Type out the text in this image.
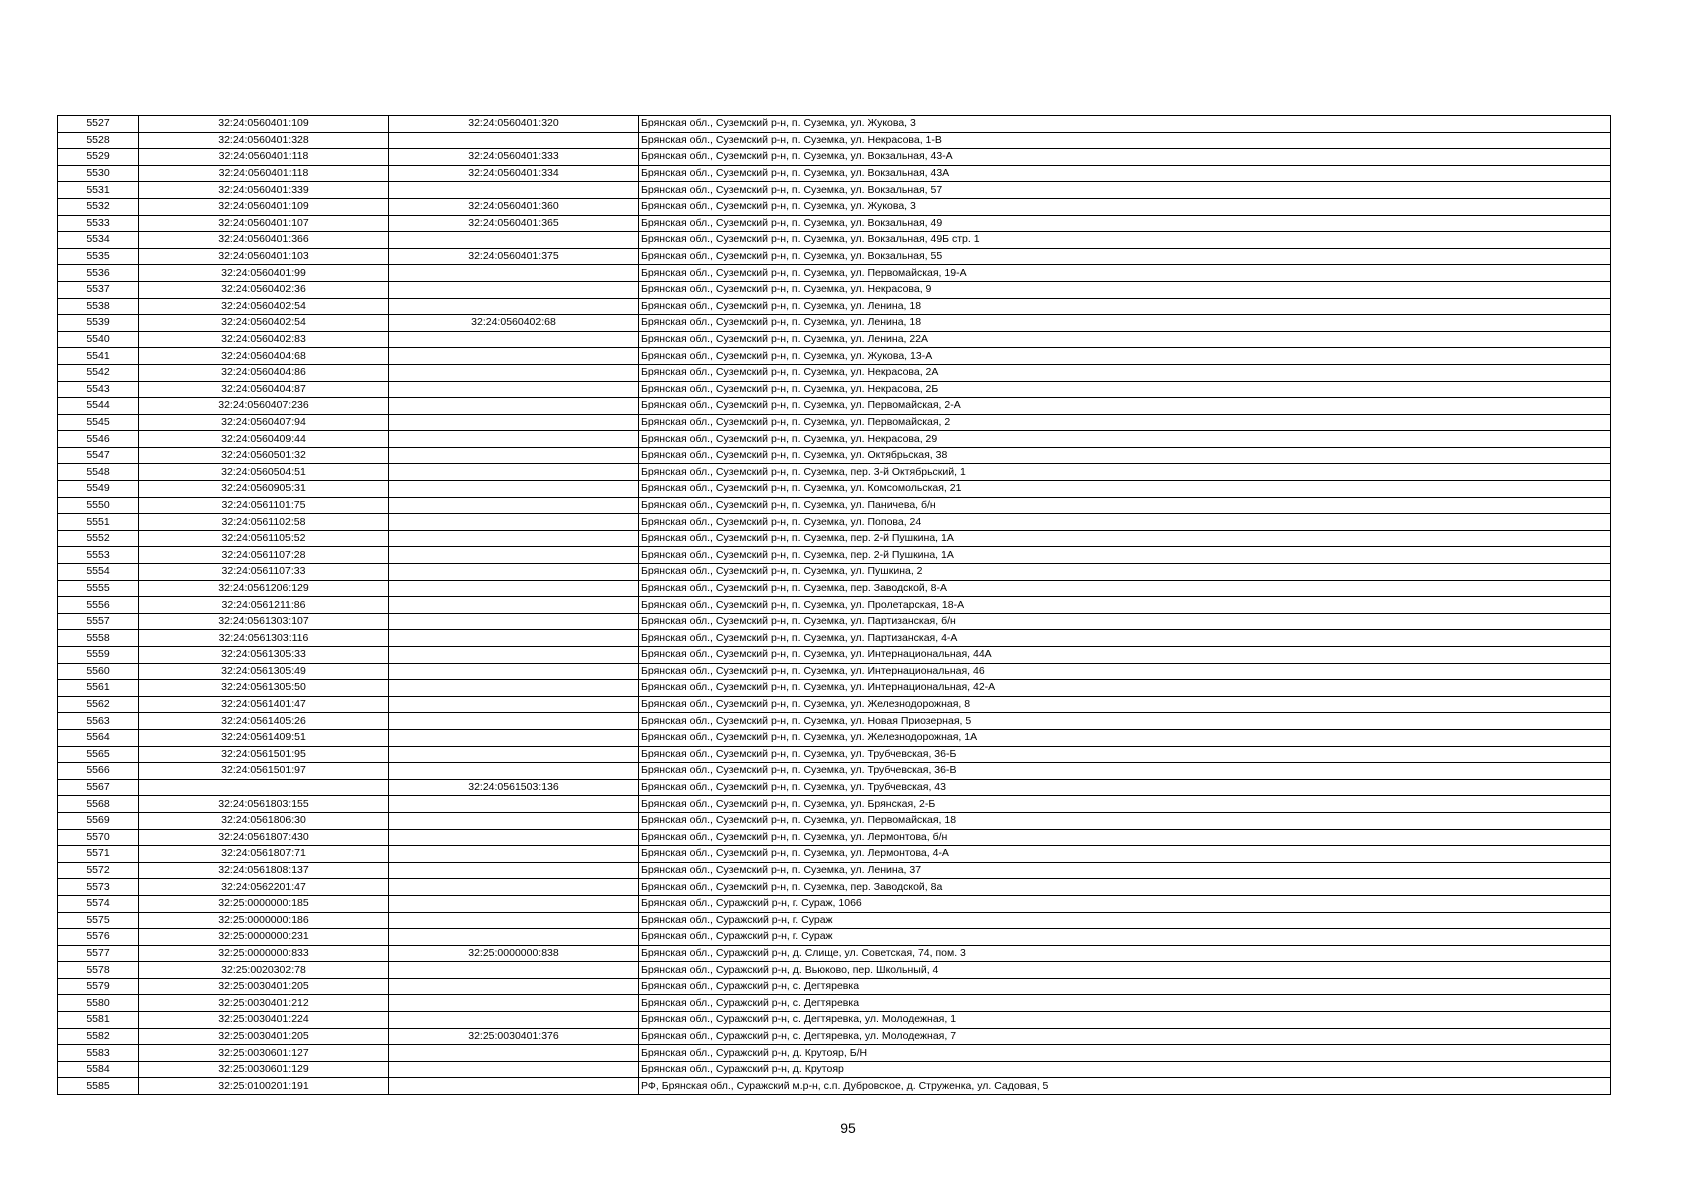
5527	32:24:0560401:109	32:24:0560401:320	Брянская обл., Суземский р-н, п. Суземка, ул. Жукова, 3
5528	32:24:0560401:328		Брянская обл., Суземский р-н, п. Суземка, ул. Некрасова, 1-В
5529	32:24:0560401:118	32:24:0560401:333	Брянская обл., Суземский р-н, п. Суземка, ул. Вокзальная, 43-А
5530	32:24:0560401:118	32:24:0560401:334	Брянская обл., Суземский р-н, п. Суземка, ул. Вокзальная, 43А
5531	32:24:0560401:339		Брянская обл., Суземский р-н, п. Суземка, ул. Вокзальная, 57
5532	32:24:0560401:109	32:24:0560401:360	Брянская обл., Суземский р-н, п. Суземка, ул. Жукова, 3
5533	32:24:0560401:107	32:24:0560401:365	Брянская обл., Суземский р-н, п. Суземка, ул. Вокзальная, 49
5534	32:24:0560401:366		Брянская обл., Суземский р-н, п. Суземка, ул. Вокзальная, 49Б стр. 1
5535	32:24:0560401:103	32:24:0560401:375	Брянская обл., Суземский р-н, п. Суземка, ул. Вокзальная, 55
5536	32:24:0560401:99		Брянская обл., Суземский р-н, п. Суземка, ул. Первомайская, 19-А
5537	32:24:0560402:36		Брянская обл., Суземский р-н, п. Суземка, ул. Некрасова, 9
5538	32:24:0560402:54		Брянская обл., Суземский р-н, п. Суземка, ул. Ленина, 18
5539	32:24:0560402:54	32:24:0560402:68	Брянская обл., Суземский р-н, п. Суземка, ул. Ленина, 18
5540	32:24:0560402:83		Брянская обл., Суземский р-н, п. Суземка, ул. Ленина, 22А
5541	32:24:0560404:68		Брянская обл., Суземский р-н, п. Суземка, ул. Жукова, 13-А
5542	32:24:0560404:86		Брянская обл., Суземский р-н, п. Суземка, ул. Некрасова, 2А
5543	32:24:0560404:87		Брянская обл., Суземский р-н, п. Суземка, ул. Некрасова, 2Б
5544	32:24:0560407:236		Брянская обл., Суземский р-н, п. Суземка, ул. Первомайская, 2-А
5545	32:24:0560407:94		Брянская обл., Суземский р-н, п. Суземка, ул. Первомайская, 2
5546	32:24:0560409:44		Брянская обл., Суземский р-н, п. Суземка, ул. Некрасова, 29
5547	32:24:0560501:32		Брянская обл., Суземский р-н, п. Суземка, ул. Октябрьская, 38
5548	32:24:0560504:51		Брянская обл., Суземский р-н, п. Суземка, пер. 3-й Октябрьский, 1
5549	32:24:0560905:31		Брянская обл., Суземский р-н, п. Суземка, ул. Комсомольская, 21
5550	32:24:0561101:75		Брянская обл., Суземский р-н, п. Суземка, ул. Паничева, б/н
5551	32:24:0561102:58		Брянская обл., Суземский р-н, п. Суземка, ул. Попова, 24
5552	32:24:0561105:52		Брянская обл., Суземский р-н, п. Суземка, пер. 2-й Пушкина, 1А
5553	32:24:0561107:28		Брянская обл., Суземский р-н, п. Суземка, пер. 2-й Пушкина, 1А
5554	32:24:0561107:33		Брянская обл., Суземский р-н, п. Суземка, ул. Пушкина, 2
5555	32:24:0561206:129		Брянская обл., Суземский р-н, п. Суземка, пер. Заводской, 8-А
5556	32:24:0561211:86		Брянская обл., Суземский р-н, п. Суземка, ул. Пролетарская, 18-А
5557	32:24:0561303:107		Брянская обл., Суземский р-н, п. Суземка, ул. Партизанская, б/н
5558	32:24:0561303:116		Брянская обл., Суземский р-н, п. Суземка, ул. Партизанская, 4-А
5559	32:24:0561305:33		Брянская обл., Суземский р-н, п. Суземка, ул. Интернациональная, 44А
5560	32:24:0561305:49		Брянская обл., Суземский р-н, п. Суземка, ул. Интернациональная, 46
5561	32:24:0561305:50		Брянская обл., Суземский р-н, п. Суземка, ул. Интернациональная, 42-А
5562	32:24:0561401:47		Брянская обл., Суземский р-н, п. Суземка, ул. Железнодорожная, 8
5563	32:24:0561405:26		Брянская обл., Суземский р-н, п. Суземка, ул. Новая Приозерная, 5
5564	32:24:0561409:51		Брянская обл., Суземский р-н, п. Суземка, ул. Железнодорожная, 1А
5565	32:24:0561501:95		Брянская обл., Суземский р-н, п. Суземка, ул. Трубчевская, 36-Б
5566	32:24:0561501:97		Брянская обл., Суземский р-н, п. Суземка, ул. Трубчевская, 36-В
5567		32:24:0561503:136	Брянская обл., Суземский р-н, п. Суземка, ул. Трубчевская, 43
5568	32:24:0561803:155		Брянская обл., Суземский р-н, п. Суземка, ул. Брянская, 2-Б
5569	32:24:0561806:30		Брянская обл., Суземский р-н, п. Суземка, ул. Первомайская, 18
5570	32:24:0561807:430		Брянская обл., Суземский р-н, п. Суземка, ул. Лермонтова, б/н
5571	32:24:0561807:71		Брянская обл., Суземский р-н, п. Суземка, ул. Лермонтова, 4-А
5572	32:24:0561808:137		Брянская обл., Суземский р-н, п. Суземка, ул. Ленина, 37
5573	32:24:0562201:47		Брянская обл., Суземский р-н, п. Суземка, пер. Заводской, 8а
5574	32:25:0000000:185		Брянская обл., Суражский р-н, г. Сураж, 1066
5575	32:25:0000000:186		Брянская обл., Суражский р-н, г. Сураж
5576	32:25:0000000:231		Брянская обл., Суражский р-н, г. Сураж
5577	32:25:0000000:833	32:25:0000000:838	Брянская обл., Суражский р-н, д. Слище, ул. Советская, 74, пом. 3
5578	32:25:0020302:78		Брянская обл., Суражский р-н, д. Вьюково, пер. Школьный, 4
5579	32:25:0030401:205		Брянская обл., Суражский р-н, с. Дегтяревка
5580	32:25:0030401:212		Брянская обл., Суражский р-н, с. Дегтяревка
5581	32:25:0030401:224		Брянская обл., Суражский р-н, с. Дегтяревка, ул. Молодежная, 1
5582	32:25:0030401:205	32:25:0030401:376	Брянская обл., Суражский р-н, с. Дегтяревка, ул. Молодежная, 7
5583	32:25:0030601:127		Брянская обл., Суражский р-н, д. Крутояр, Б/Н
5584	32:25:0030601:129		Брянская обл., Суражский р-н, д. Крутояр
5585	32:25:0100201:191		РФ, Брянская обл., Суражский м.р-н, с.п. Дубровское, д. Струженка, ул. Садовая, 5
95
